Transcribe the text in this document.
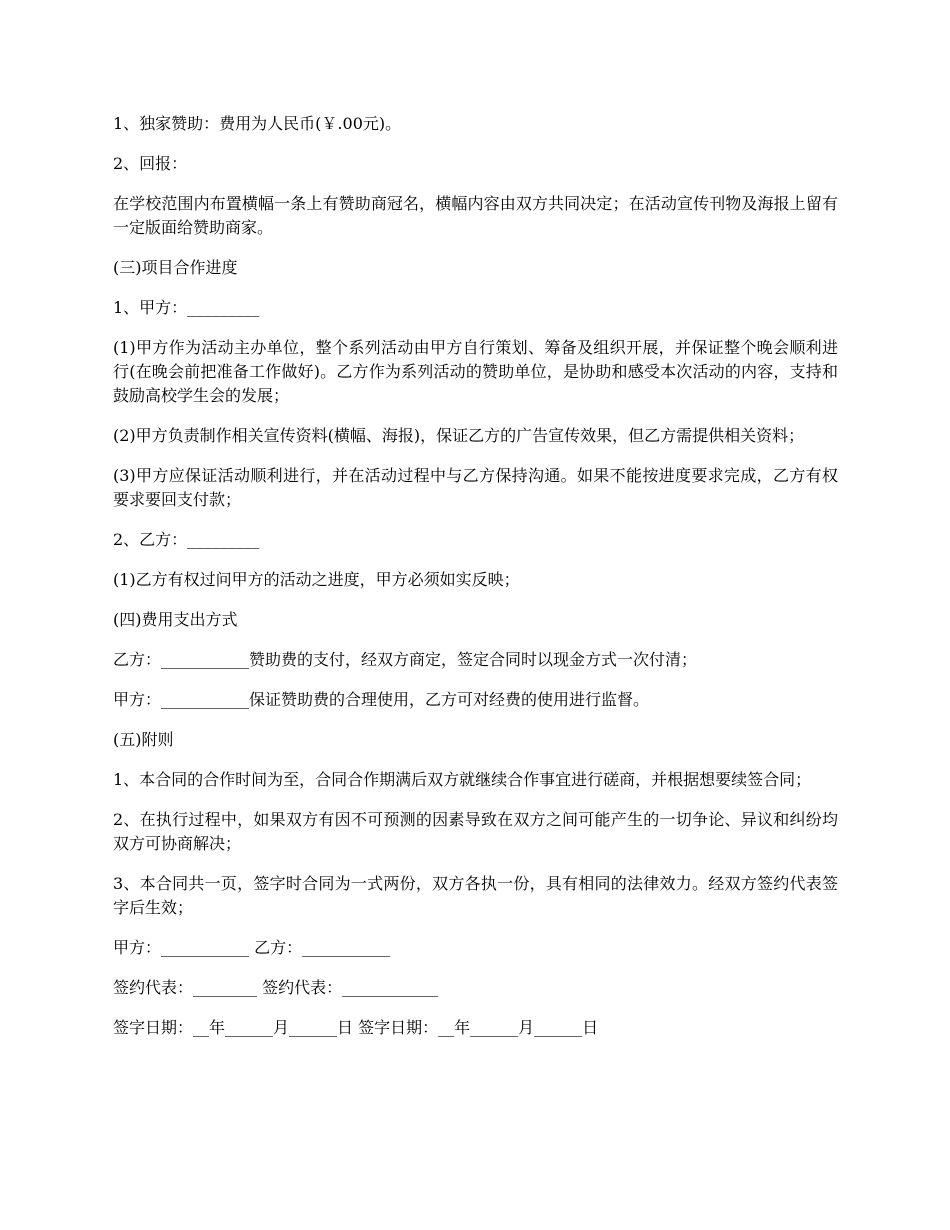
1、独家赞助：费用为人民币(￥.00元)。

2、回报：

在学校范围内布置横幅一条上有赞助商冠名，横幅内容由双方共同决定；在活动宣传刊物及海报上留有一定版面给赞助商家。

(三)项目合作进度

1、甲方：_________

(1)甲方作为活动主办单位，整个系列活动由甲方自行策划、筹备及组织开展，并保证整个晚会顺利进行(在晚会前把准备工作做好)。乙方作为系列活动的赞助单位，是协助和感受本次活动的内容，支持和鼓励高校学生会的发展；

(2)甲方负责制作相关宣传资料(横幅、海报)，保证乙方的广告宣传效果，但乙方需提供相关资料；

(3)甲方应保证活动顺利进行，并在活动过程中与乙方保持沟通。如果不能按进度要求完成，乙方有权要求要回支付款；

2、乙方：_________

(1)乙方有权过问甲方的活动之进度，甲方必须如实反映；

(四)费用支出方式

乙方：___________赞助费的支付，经双方商定，签定合同时以现金方式一次付清；

甲方：___________保证赞助费的合理使用，乙方可对经费的使用进行监督。

(五)附则

1、本合同的合作时间为至，合同合作期满后双方就继续合作事宜进行磋商，并根据想要续签合同；

2、在执行过程中，如果双方有因不可预测的因素导致在双方之间可能产生的一切争论、异议和纠纷均双方可协商解决；

3、本合同共一页，签字时合同为一式两份，双方各执一份，具有相同的法律效力。经双方签约代表签字后生效；

甲方：___________ 乙方：___________

签约代表：________ 签约代表：____________

签字日期：__年______月______日 签字日期：__年______月______日
